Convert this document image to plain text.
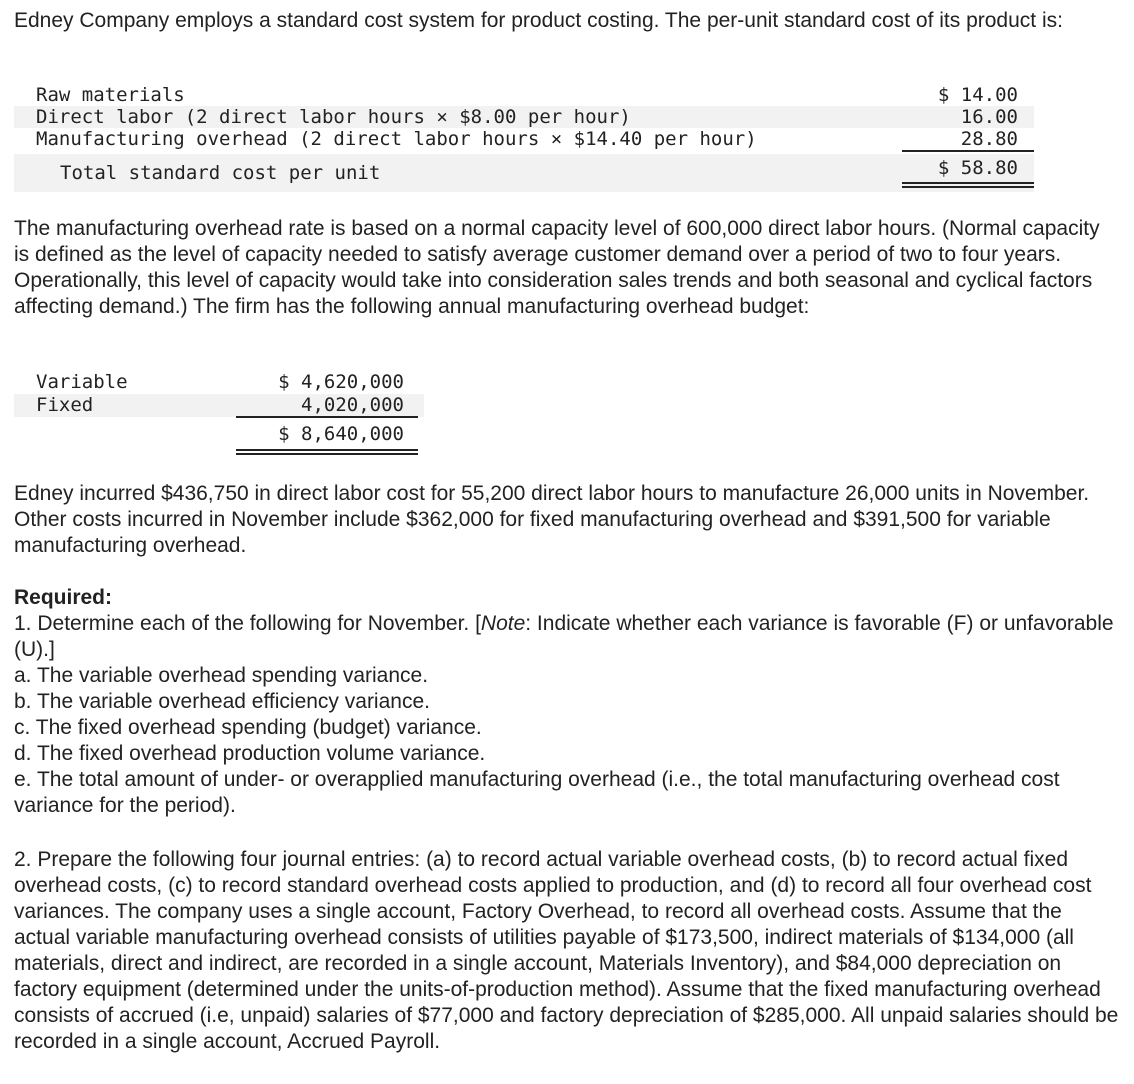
Edney Company employs a standard cost system for product costing. The per-unit standard cost of its product is:

Raw materials	$ 14.00
Direct labor (2 direct labor hours × $8.00 per hour)	16.00
Manufacturing overhead (2 direct labor hours × $14.40 per hour)	28.80
Total standard cost per unit	$ 58.80

The manufacturing overhead rate is based on a normal capacity level of 600,000 direct labor hours. (Normal capacity is defined as the level of capacity needed to satisfy average customer demand over a period of two to four years. Operationally, this level of capacity would take into consideration sales trends and both seasonal and cyclical factors affecting demand.) The firm has the following annual manufacturing overhead budget:

Variable	$ 4,620,000
Fixed	4,020,000
$ 8,640,000

Edney incurred $436,750 in direct labor cost for 55,200 direct labor hours to manufacture 26,000 units in November. Other costs incurred in November include $362,000 for fixed manufacturing overhead and $391,500 for variable manufacturing overhead.

Required:
1. Determine each of the following for November. [Note: Indicate whether each variance is favorable (F) or unfavorable (U).]
a. The variable overhead spending variance.
b. The variable overhead efficiency variance.
c. The fixed overhead spending (budget) variance.
d. The fixed overhead production volume variance.
e. The total amount of under- or overapplied manufacturing overhead (i.e., the total manufacturing overhead cost variance for the period).

2. Prepare the following four journal entries: (a) to record actual variable overhead costs, (b) to record actual fixed overhead costs, (c) to record standard overhead costs applied to production, and (d) to record all four overhead cost variances. The company uses a single account, Factory Overhead, to record all overhead costs. Assume that the actual variable manufacturing overhead consists of utilities payable of $173,500, indirect materials of $134,000 (all materials, direct and indirect, are recorded in a single account, Materials Inventory), and $84,000 depreciation on factory equipment (determined under the units-of-production method). Assume that the fixed manufacturing overhead consists of accrued (i.e, unpaid) salaries of $77,000 and factory depreciation of $285,000. All unpaid salaries should be recorded in a single account, Accrued Payroll.
